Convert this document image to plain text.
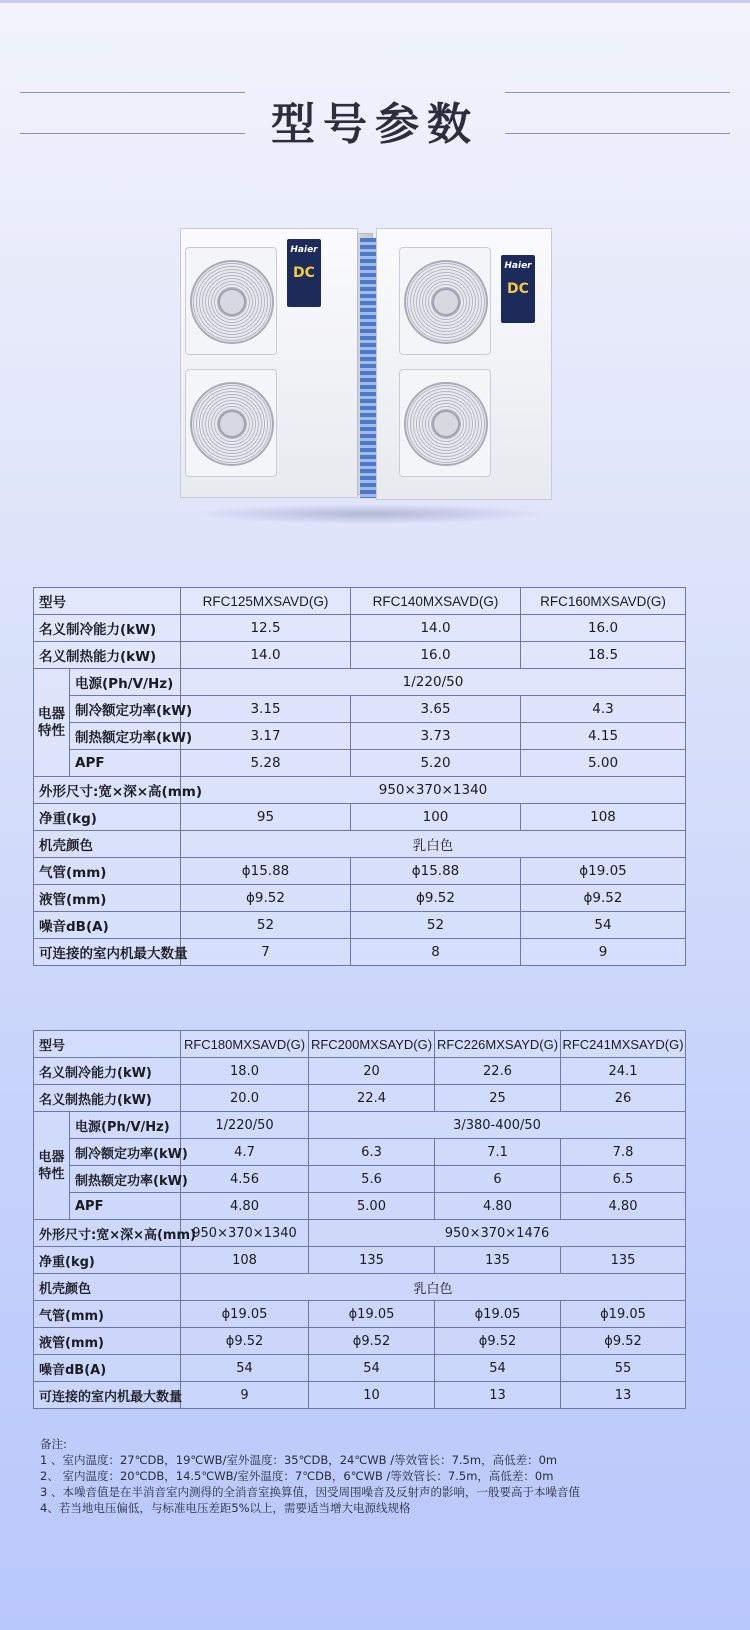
型号参数
Haier
DC	Haier
DC
型号		RFC125MXSAVD(G)	RFC140MXSAVD(G)	RFC160MXSAVD(G)
名义制冷能力(kW)		12.5	14.0	16.0
名义制热能力(kW)		14.0	16.0	18.5
电器特性	电源(Ph/V/Hz)	1/220/50		
	制冷额定功率(kW)	3.15	3.65	4.3
	制热额定功率(kW)	3.17	3.73	4.15
	APF	5.28	5.20	5.00
外形尺寸:宽×深×高(mm)		950×370×1340		
净重(kg)		95	100	108
机壳颜色		乳白色		
气管(mm)		ϕ15.88	ϕ15.88	ϕ19.05
液管(mm)		ϕ9.52	ϕ9.52	ϕ9.52
噪音dB(A)		52	52	54
可连接的室内机最大数量		7	8	9
型号		RFC180MXSAVD(G)	RFC200MXSAYD(G)	RFC226MXSAYD(G)	RFC241MXSAYD(G)
名义制冷能力(kW)		18.0	20	22.6	24.1
名义制热能力(kW)		20.0	22.4	25	26
电器特性	电源(Ph/V/Hz)	1/220/50	3/380-400/50		
	制冷额定功率(kW)	4.7	6.3	7.1	7.8
	制热额定功率(kW)	4.56	5.6	6	6.5
	APF	4.80	5.00	4.80	4.80
外形尺寸:宽×深×高(mm)		950×370×1340	950×370×1476		
净重(kg)		108	135	135	135
机壳颜色		乳白色			
气管(mm)		ϕ19.05	ϕ19.05	ϕ19.05	ϕ19.05
液管(mm)		ϕ9.52	ϕ9.52	ϕ9.52	ϕ9.52
噪音dB(A)		54	54	54	55
可连接的室内机最大数量		9	10	13	13
备注:
1 、室内温度：27℃DB，19℃WB/室外温度：35℃DB，24℃WB /等效管长：7.5m，高低差：0m
2、 室内温度：20℃DB，14.5℃WB/室外温度：7℃DB，6℃WB /等效管长：7.5m，高低差：0m
3 、本噪音值是在半消音室内测得的全消音室换算值，因受周围噪音及反射声的影响，一般要高于本噪音值
4、若当地电压偏低，与标准电压差距5%以上，需要适当增大电源线规格
